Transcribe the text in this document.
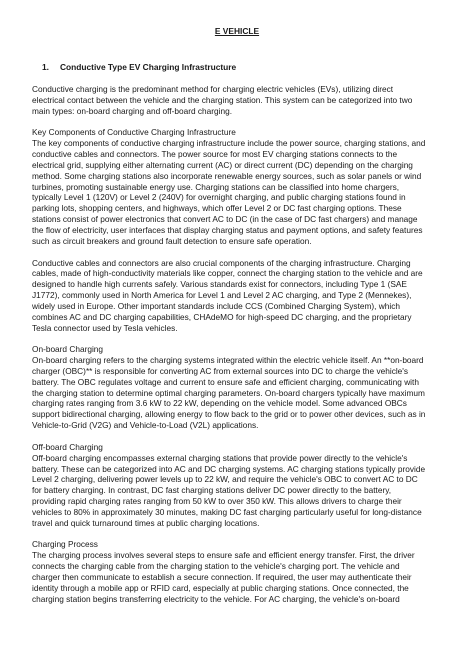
E VEHICLE
1. Conductive Type EV Charging Infrastructure
Conductive charging is the predominant method for charging electric vehicles (EVs), utilizing direct
electrical contact between the vehicle and the charging station. This system can be categorized into two
main types: on-board charging and off-board charging.
Key Components of Conductive Charging Infrastructure
The key components of conductive charging infrastructure include the power source, charging stations, and
conductive cables and connectors. The power source for most EV charging stations connects to the
electrical grid, supplying either alternating current (AC) or direct current (DC) depending on the charging
method. Some charging stations also incorporate renewable energy sources, such as solar panels or wind
turbines, promoting sustainable energy use. Charging stations can be classified into home chargers,
typically Level 1 (120V) or Level 2 (240V) for overnight charging, and public charging stations found in
parking lots, shopping centers, and highways, which offer Level 2 or DC fast charging options. These
stations consist of power electronics that convert AC to DC (in the case of DC fast chargers) and manage
the flow of electricity, user interfaces that display charging status and payment options, and safety features
such as circuit breakers and ground fault detection to ensure safe operation.
Conductive cables and connectors are also crucial components of the charging infrastructure. Charging
cables, made of high-conductivity materials like copper, connect the charging station to the vehicle and are
designed to handle high currents safely. Various standards exist for connectors, including Type 1 (SAE
J1772), commonly used in North America for Level 1 and Level 2 AC charging, and Type 2 (Mennekes),
widely used in Europe. Other important standards include CCS (Combined Charging System), which
combines AC and DC charging capabilities, CHAdeMO for high-speed DC charging, and the proprietary
Tesla connector used by Tesla vehicles.
On-board Charging
On-board charging refers to the charging systems integrated within the electric vehicle itself. An **on-board
charger (OBC)** is responsible for converting AC from external sources into DC to charge the vehicle's
battery. The OBC regulates voltage and current to ensure safe and efficient charging, communicating with
the charging station to determine optimal charging parameters. On-board chargers typically have maximum
charging rates ranging from 3.6 kW to 22 kW, depending on the vehicle model. Some advanced OBCs
support bidirectional charging, allowing energy to flow back to the grid or to power other devices, such as in
Vehicle-to-Grid (V2G) and Vehicle-to-Load (V2L) applications.
Off-board Charging
Off-board charging encompasses external charging stations that provide power directly to the vehicle's
battery. These can be categorized into AC and DC charging systems. AC charging stations typically provide
Level 2 charging, delivering power levels up to 22 kW, and require the vehicle's OBC to convert AC to DC
for battery charging. In contrast, DC fast charging stations deliver DC power directly to the battery,
providing rapid charging rates ranging from 50 kW to over 350 kW. This allows drivers to charge their
vehicles to 80% in approximately 30 minutes, making DC fast charging particularly useful for long-distance
travel and quick turnaround times at public charging locations.
Charging Process
The charging process involves several steps to ensure safe and efficient energy transfer. First, the driver
connects the charging cable from the charging station to the vehicle's charging port. The vehicle and
charger then communicate to establish a secure connection. If required, the user may authenticate their
identity through a mobile app or RFID card, especially at public charging stations. Once connected, the
charging station begins transferring electricity to the vehicle. For AC charging, the vehicle's on-board
